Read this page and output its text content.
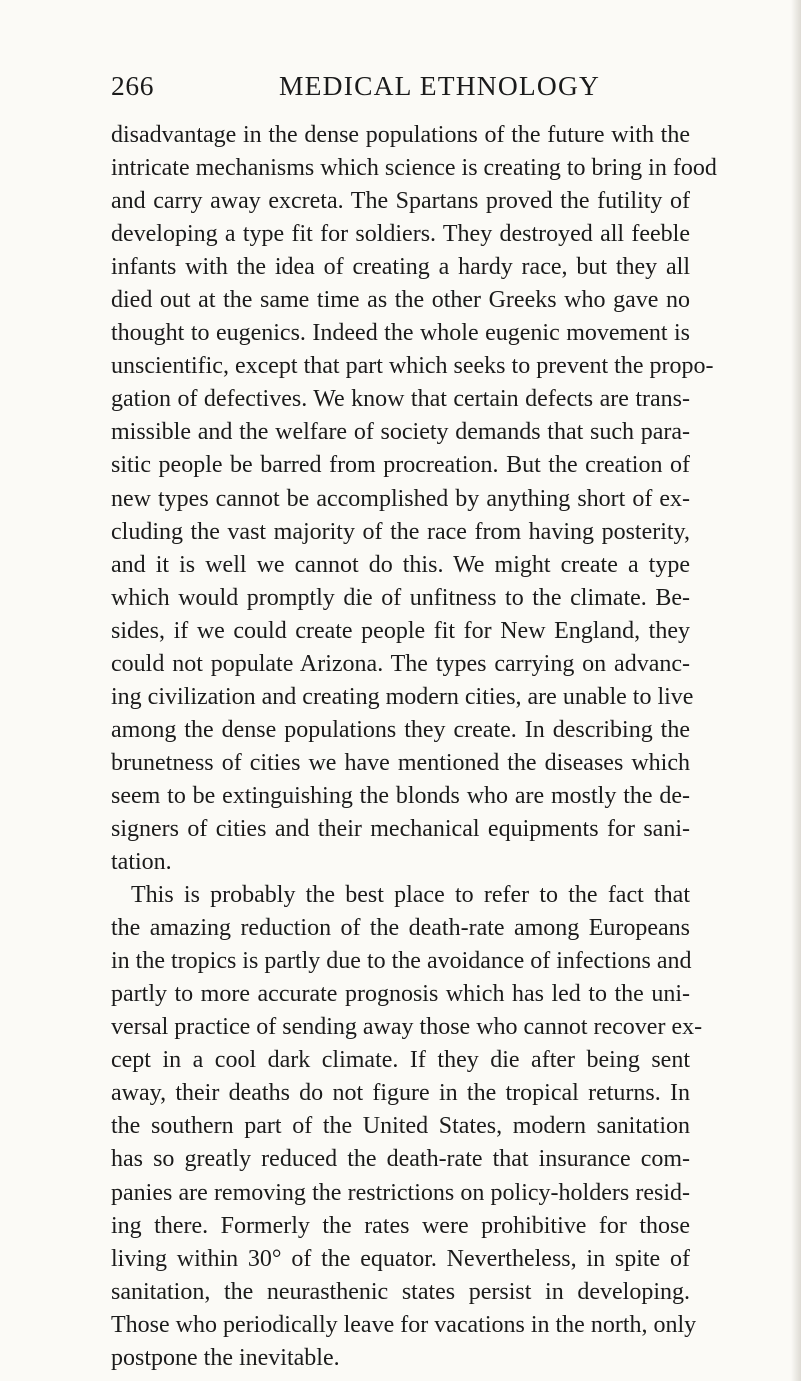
266	MEDICAL ETHNOLOGY
disadvantage in the dense populations of the future with the
intricate mechanisms which science is creating to bring in food
and carry away excreta. The Spartans proved the futility of
developing a type fit for soldiers. They destroyed all feeble
infants with the idea of creating a hardy race, but they all
died out at the same time as the other Greeks who gave no
thought to eugenics. Indeed the whole eugenic movement is
unscientific, except that part which seeks to prevent the propo-
gation of defectives. We know that certain defects are trans-
missible and the welfare of society demands that such para-
sitic people be barred from procreation. But the creation of
new types cannot be accomplished by anything short of ex-
cluding the vast majority of the race from having posterity,
and it is well we cannot do this. We might create a type
which would promptly die of unfitness to the climate. Be-
sides, if we could create people fit for New England, they
could not populate Arizona. The types carrying on advanc-
ing civilization and creating modern cities, are unable to live
among the dense populations they create. In describing the
brunetness of cities we have mentioned the diseases which
seem to be extinguishing the blonds who are mostly the de-
signers of cities and their mechanical equipments for sani-
tation.
This is probably the best place to refer to the fact that
the amazing reduction of the death-rate among Europeans
in the tropics is partly due to the avoidance of infections and
partly to more accurate prognosis which has led to the uni-
versal practice of sending away those who cannot recover ex-
cept in a cool dark climate. If they die after being sent
away, their deaths do not figure in the tropical returns. In
the southern part of the United States, modern sanitation
has so greatly reduced the death-rate that insurance com-
panies are removing the restrictions on policy-holders resid-
ing there. Formerly the rates were prohibitive for those
living within 30° of the equator. Nevertheless, in spite of
sanitation, the neurasthenic states persist in developing.
Those who periodically leave for vacations in the north, only
postpone the inevitable.
